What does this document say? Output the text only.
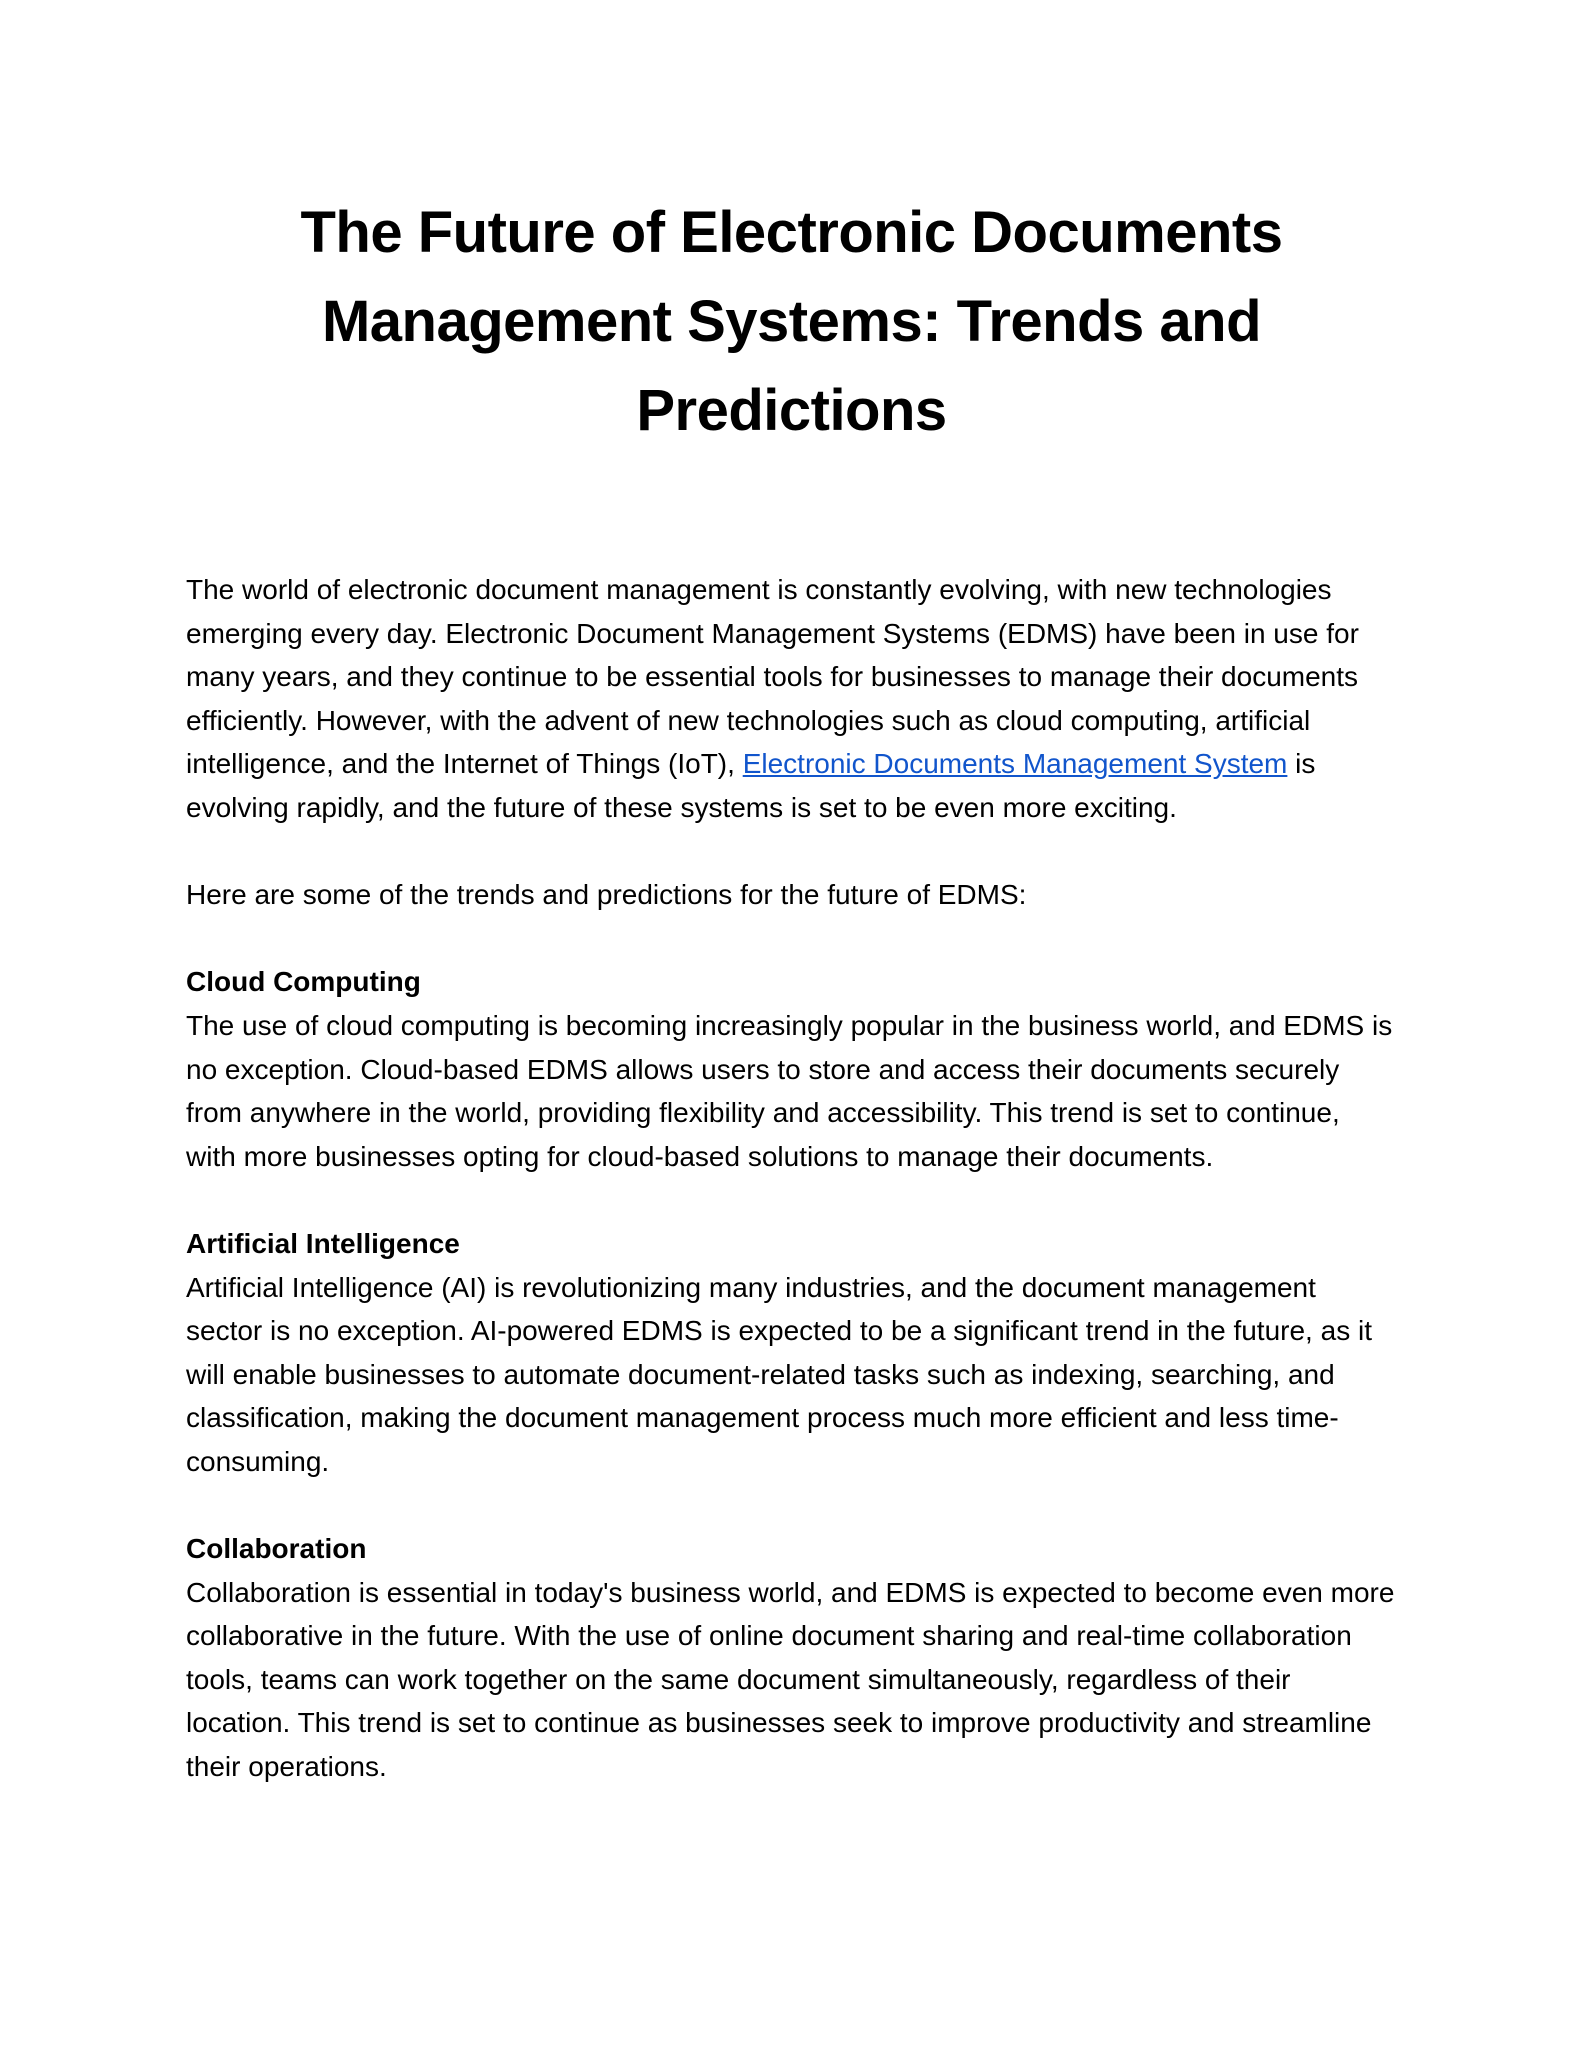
The Future of Electronic Documents Management Systems: Trends and Predictions

The world of electronic document management is constantly evolving, with new technologies emerging every day. Electronic Document Management Systems (EDMS) have been in use for many years, and they continue to be essential tools for businesses to manage their documents efficiently. However, with the advent of new technologies such as cloud computing, artificial intelligence, and the Internet of Things (IoT), Electronic Documents Management System is evolving rapidly, and the future of these systems is set to be even more exciting.

Here are some of the trends and predictions for the future of EDMS:

Cloud Computing

The use of cloud computing is becoming increasingly popular in the business world, and EDMS is no exception. Cloud-based EDMS allows users to store and access their documents securely from anywhere in the world, providing flexibility and accessibility. This trend is set to continue, with more businesses opting for cloud-based solutions to manage their documents.

Artificial Intelligence

Artificial Intelligence (AI) is revolutionizing many industries, and the document management sector is no exception. AI-powered EDMS is expected to be a significant trend in the future, as it will enable businesses to automate document-related tasks such as indexing, searching, and classification, making the document management process much more efficient and less time-consuming.

Collaboration

Collaboration is essential in today's business world, and EDMS is expected to become even more collaborative in the future. With the use of online document sharing and real-time collaboration tools, teams can work together on the same document simultaneously, regardless of their location. This trend is set to continue as businesses seek to improve productivity and streamline their operations.
